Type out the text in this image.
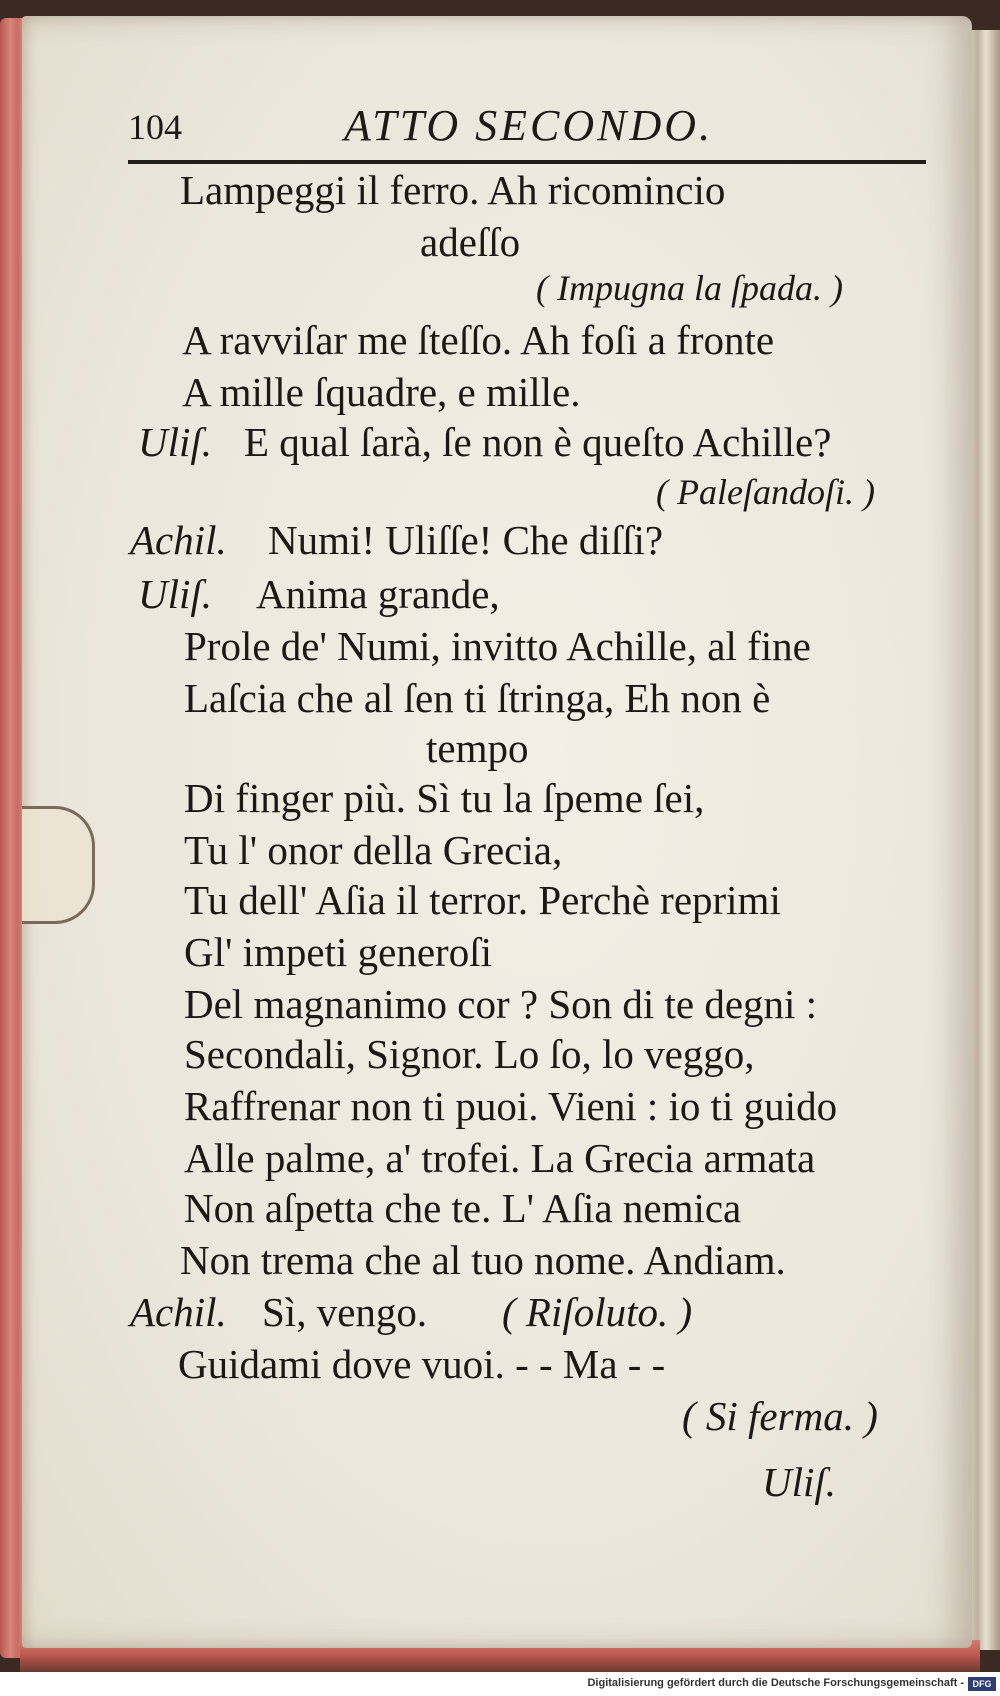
104	ATTO SECONDO.
Lampeggi il ferro. Ah ricomincio
adeſſo
( Impugna la ſpada. )
A ravviſar me ſteſſo. Ah foſi a fronte
A mille ſquadre, e mille.
Uliſ. E qual ſarà, ſe non è queſto Achille?
( Paleſandoſi. )
Achil. Numi! Uliſſe! Che diſſi?
Uliſ. Anima grande,
Prole de' Numi, invitto Achille, al fine
Laſcia che al ſen ti ſtringa, Eh non è
tempo
Di finger più. Sì tu la ſpeme ſei,
Tu l' onor della Grecia,
Tu dell' Aſia il terror. Perchè reprimi
Gl' impeti generoſi
Del magnanimo cor ? Son di te degni :
Secondali, Signor. Lo ſo, lo veggo,
Raffrenar non ti puoi. Vieni : io ti guido
Alle palme, a' trofei. La Grecia armata
Non aſpetta che te. L' Aſia nemica
Non trema che al tuo nome. Andiam.
Achil. Sì, vengo. ( Riſoluto. )
Guidami dove vuoi. - - Ma - -
( Si ferma. )
Uliſ.
Digitalisierung gefördert durch die Deutsche Forschungsgemeinschaft - DFG
